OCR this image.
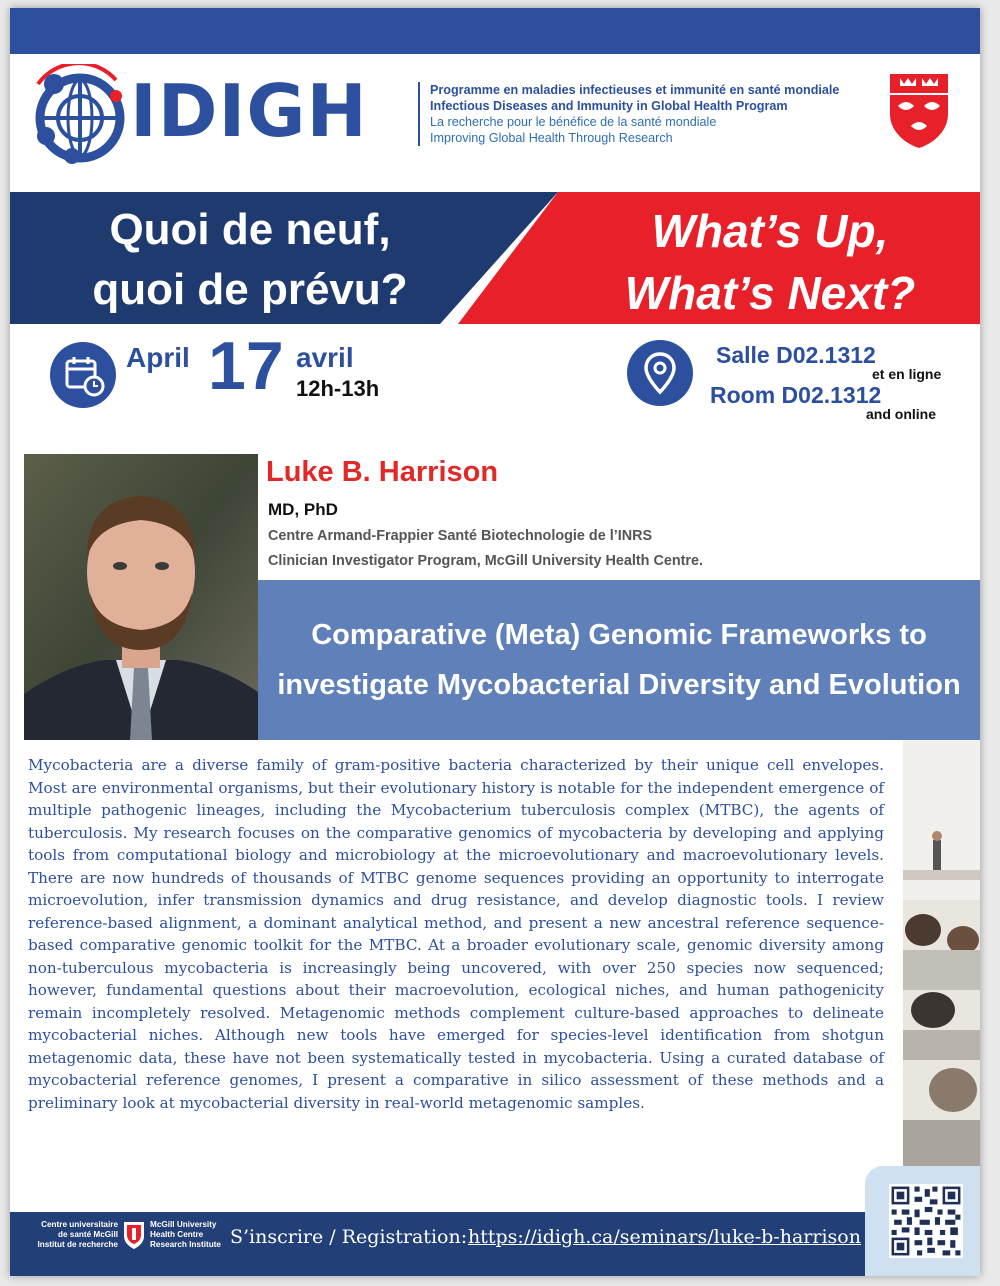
IDIGH	Programme en maladies infectieuses et immunité en santé mondiale
Infectious Diseases and Immunity in Global Health Program
La recherche pour le bénéfice de la santé mondiale
Improving Global Health Through Research
Quoi de neuf,
quoi de prévu?
What’s Up,
What’s Next?
April 17 avril
12h-13h
Salle D02.1312
et en ligne
Room D02.1312
and online
Luke B. Harrison
MD, PhD
Centre Armand-Frappier Santé Biotechnologie de l’INRS
Clinician Investigator Program, McGill University Health Centre.
Comparative (Meta) Genomic Frameworks to investigate Mycobacterial Diversity and Evolution
Mycobacteria are a diverse family of gram-positive bacteria characterized by their unique cell envelopes. Most are environmental organisms, but their evolutionary history is notable for the independent emergence of multiple pathogenic lineages, including the Mycobacterium tuberculosis complex (MTBC), the agents of tuberculosis. My research focuses on the comparative genomics of mycobacteria by developing and applying tools from computational biology and microbiology at the microevolutionary and macroevolutionary levels. There are now hundreds of thousands of MTBC genome sequences providing an opportunity to interrogate microevolution, infer transmission dynamics and drug resistance, and develop diagnostic tools. I review reference-based alignment, a dominant analytical method, and present a new ancestral reference sequence-based comparative genomic toolkit for the MTBC. At a broader evolutionary scale, genomic diversity among non-tuberculous mycobacteria is increasingly being uncovered, with over 250 species now sequenced; however, fundamental questions about their macroevolution, ecological niches, and human pathogenicity remain incompletely resolved. Metagenomic methods complement culture-based approaches to delineate mycobacterial niches. Although new tools have emerged for species-level identification from shotgun metagenomic data, these have not been systematically tested in mycobacteria. Using a curated database of mycobacterial reference genomes, I present a comparative in silico assessment of these methods and a preliminary look at mycobacterial diversity in real-world metagenomic samples.
Centre universitaire
de santé McGill
Institut de recherche
McGill University
Health Centre
Research Institute S’inscrire / Registration: https://idigh.ca/seminars/luke-b-harrison
